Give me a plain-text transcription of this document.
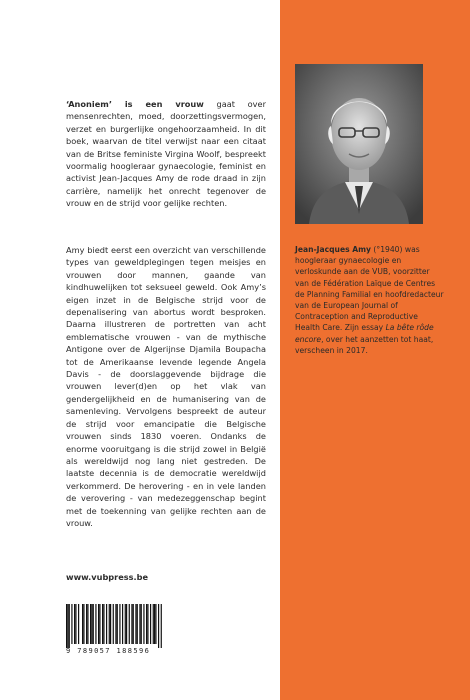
‘Anoniem’ is een vrouw gaat over mensenrechten, moed, doorzettingsvermogen, verzet en burgerlijke ongehoorzaamheid. In dit boek, waarvan de titel verwijst naar een citaat van de Britse feministe Virgina Woolf, bespreekt voormalig hoogleraar gynaecologie, feminist en activist Jean-Jacques Amy de rode draad in zijn carrière, namelijk het onrecht tegenover de vrouw en de strijd voor gelijke rechten.

Amy biedt eerst een overzicht van verschillende types van geweldplegingen tegen meisjes en vrouwen door mannen, gaande van kindhuwelijken tot seksueel geweld. Ook Amy’s eigen inzet in de Belgische strijd voor de depenalisering van abortus wordt besproken. Daarna illustreren de portretten van acht emblematische vrouwen - van de mythische Antigone over de Algerijnse Djamila Boupacha tot de Amerikaanse levende legende Angela Davis - de doorslaggevende bijdrage die vrouwen lever(d)en op het vlak van gendergelijkheid en de humanisering van de samenleving. Vervolgens bespreekt de auteur de strijd voor emancipatie die Belgische vrouwen sinds 1830 voeren. Ondanks de enorme vooruitgang is die strijd zowel in België als wereldwijd nog lang niet gestreden. De laatste decennia is de democratie wereldwijd verkommerd. De herovering - en in vele landen de verovering - van medezeggenschap begint met de toekenning van gelijke rechten aan de vrouw.

www.vubpress.be
9 789057 188596
Jean-Jacques Amy (°1940) was hoogleraar gynaecologie en verloskunde aan de VUB, voorzitter van de Fédération Laïque de Centres de Planning Familial en hoofdredacteur van de European Journal of Contraception and Reproductive Health Care. Zijn essay La bête rôde encore, over het aanzetten tot haat, verscheen in 2017.
